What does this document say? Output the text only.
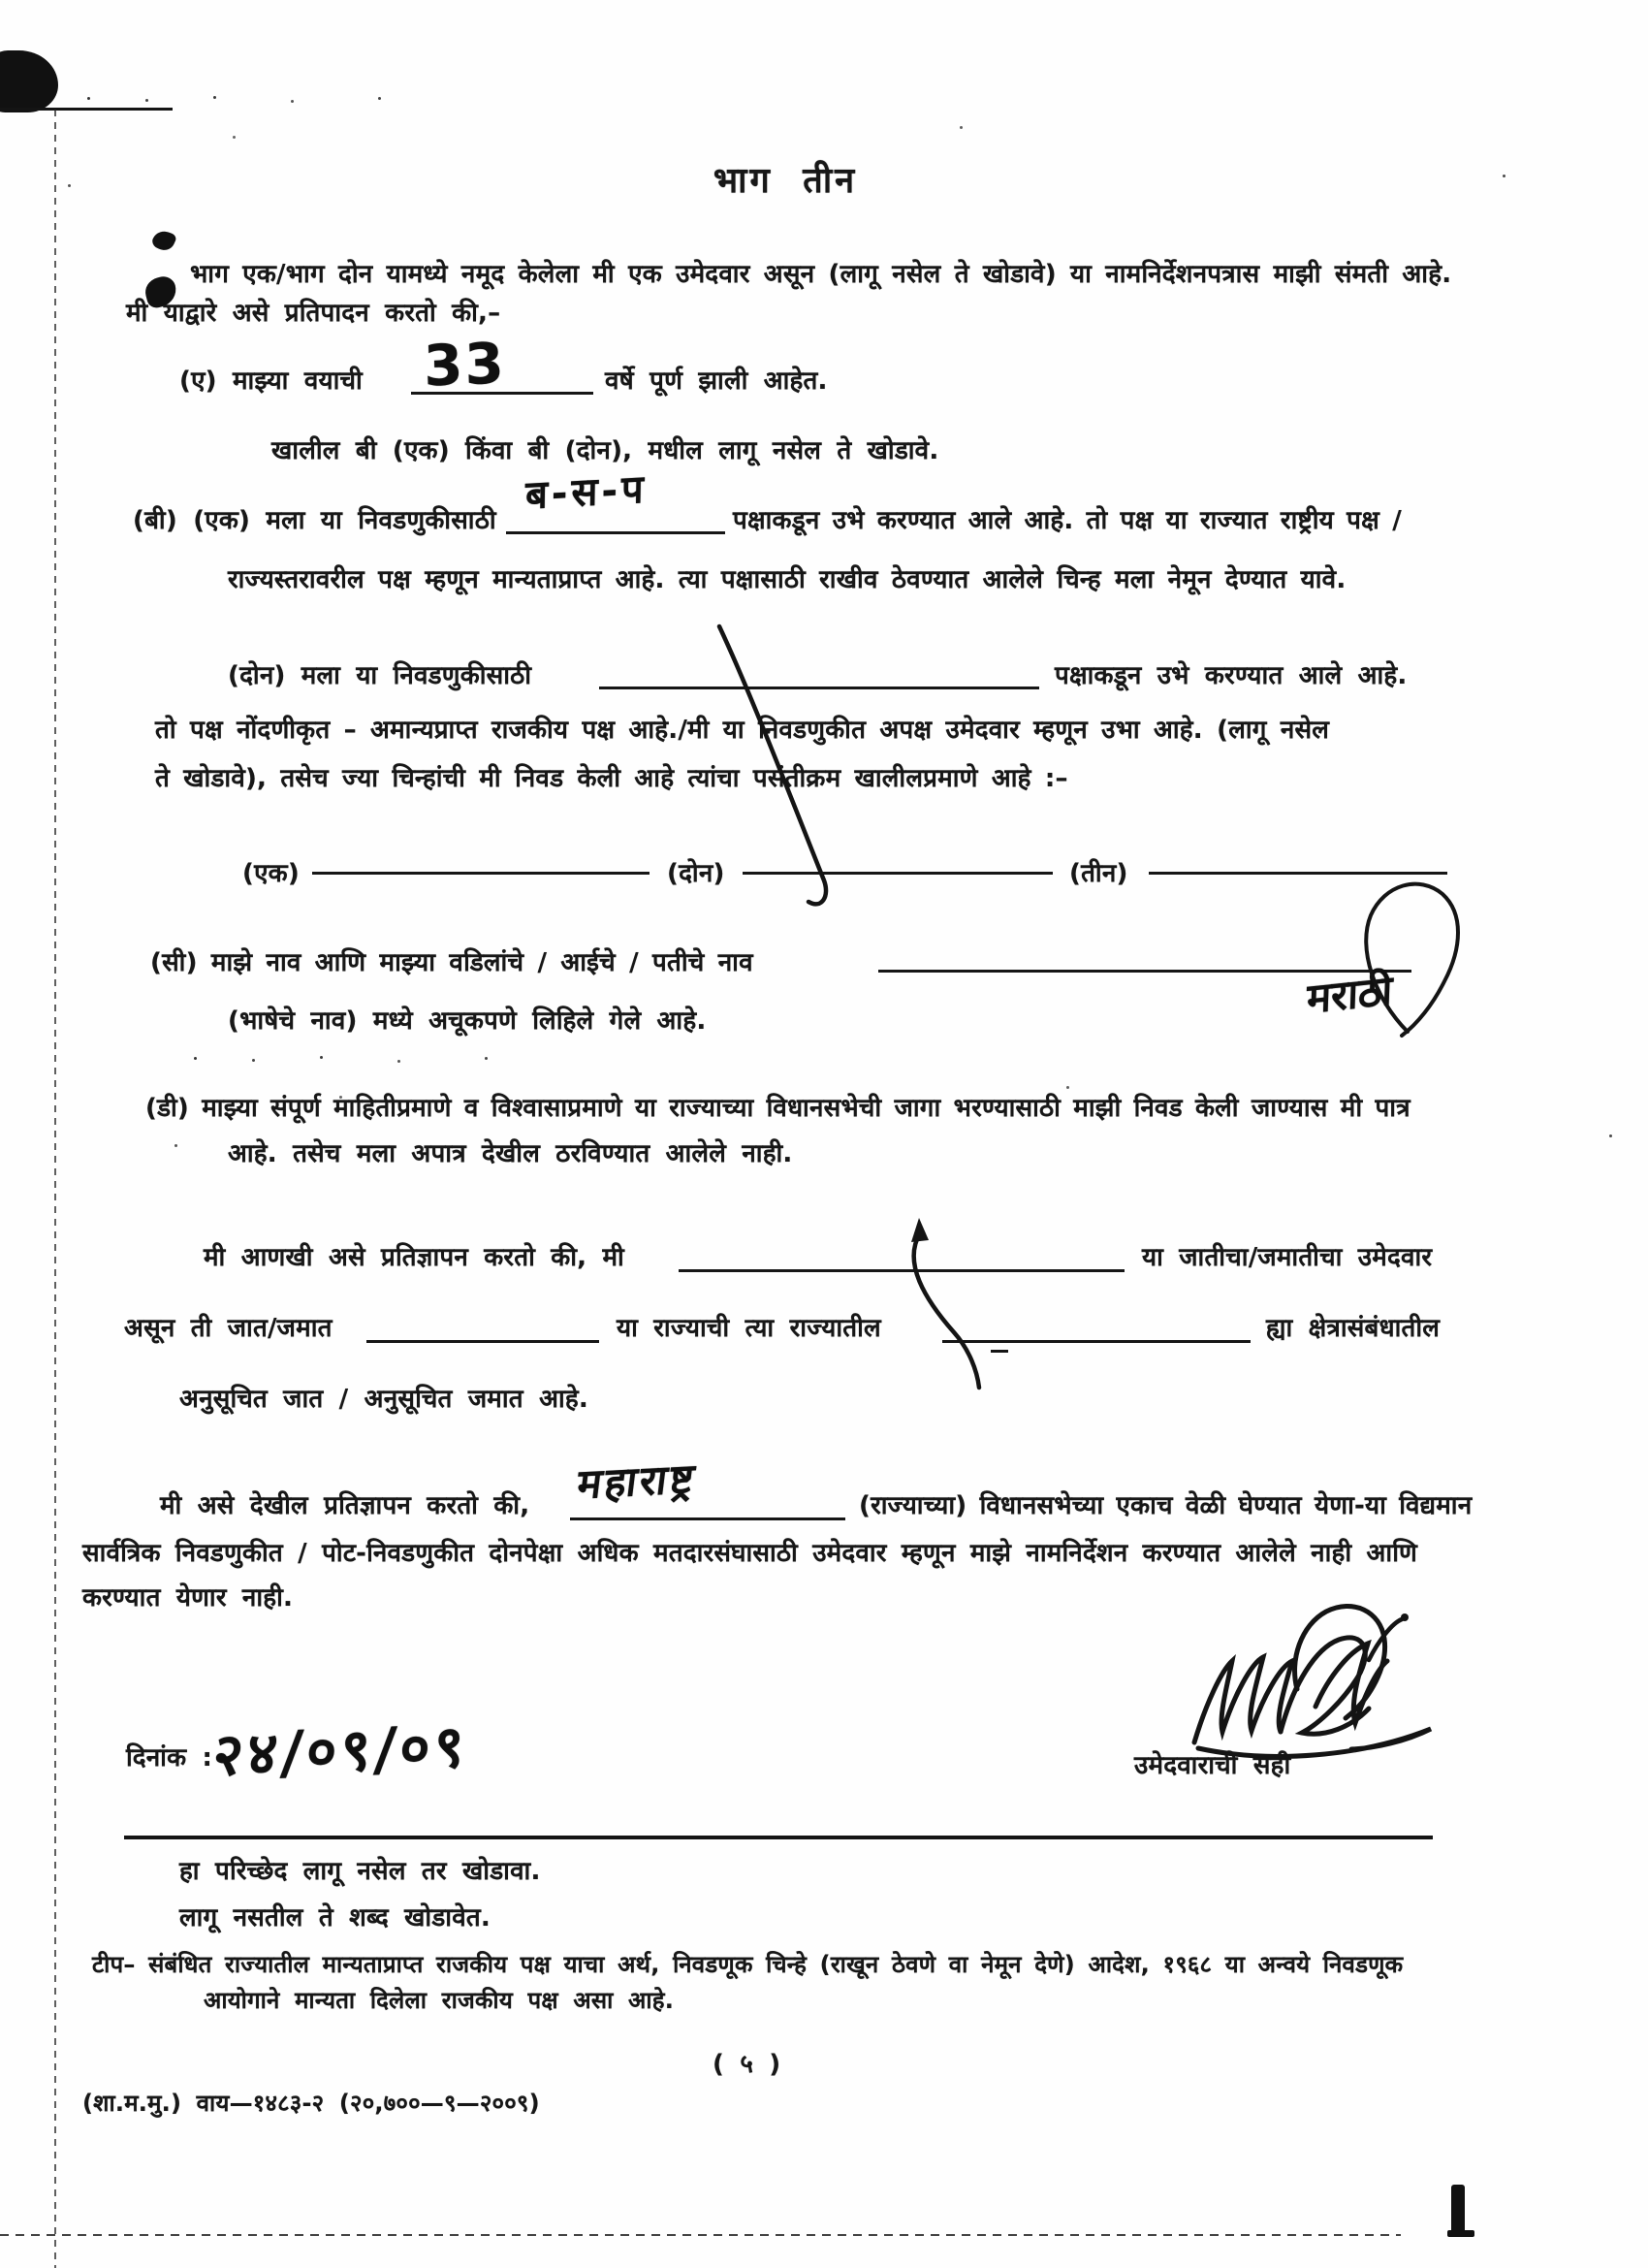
भाग तीन
भाग एक/भाग दोन यामध्ये नमूद केलेला मी एक उमेदवार असून (लागू नसेल ते खोडावे) या नामनिर्देशनपत्रास माझी संमती आहे.
मी याद्वारे असे प्रतिपादन करतो की,–
(ए) माझ्या वयाची 33	वर्षे पूर्ण झाली आहेत.
खालील बी (एक) किंवा बी (दोन), मधील लागू नसेल ते खोडावे.
ब-स-प
(बी) (एक) मला या निवडणुकीसाठी	पक्षाकडून उभे करण्यात आले आहे. तो पक्ष या राज्यात राष्ट्रीय पक्ष /
राज्यस्तरावरील पक्ष म्हणून मान्यताप्राप्त आहे. त्या पक्षासाठी राखीव ठेवण्यात आलेले चिन्ह मला नेमून देण्यात यावे.
(दोन) मला या निवडणुकीसाठी	पक्षाकडून उभे करण्यात आले आहे.
तो पक्ष नोंदणीकृत – अमान्यप्राप्त राजकीय पक्ष आहे./मी या निवडणुकीत अपक्ष उमेदवार म्हणून उभा आहे. (लागू नसेल
ते खोडावे), तसेच ज्या चिन्हांची मी निवड केली आहे त्यांचा पसंतीक्रम खालीलप्रमाणे आहे :–
(एक)	(दोन)	(तीन)
(सी) माझे नाव आणि माझ्या वडिलांचे / आईचे / पतीचे नाव
मराठी
(भाषेचे नाव) मध्ये अचूकपणे लिहिले गेले आहे.
(डी) माझ्या संपूर्ण माहितीप्रमाणे व विश्वासाप्रमाणे या राज्याच्या विधानसभेची जागा भरण्यासाठी माझी निवड केली जाण्यास मी पात्र
आहे. तसेच मला अपात्र देखील ठरविण्यात आलेले नाही.
मी आणखी असे प्रतिज्ञापन करतो की, मी	या जातीचा/जमातीचा उमेदवार
असून ती जात/जमात	या राज्याची त्या राज्यातील	ह्या क्षेत्रासंबंधातील
अनुसूचित जात / अनुसूचित जमात आहे.
महाराष्ट्र
मी असे देखील प्रतिज्ञापन करतो की,	(राज्याच्या) विधानसभेच्या एकाच वेळी घेण्यात येणा-या विद्यमान
सार्वत्रिक निवडणुकीत / पोट-निवडणुकीत दोनपेक्षा अधिक मतदारसंघासाठी उमेदवार म्हणून माझे नामनिर्देशन करण्यात आलेले नाही आणि
करण्यात येणार नाही.
दिनांक :
२४/०९/०९	उमेदवाराची सही
हा परिच्छेद लागू नसेल तर खोडावा.
लागू नसतील ते शब्द खोडावेत.
टीप– संबंधित राज्यातील मान्यताप्राप्त राजकीय पक्ष याचा अर्थ, निवडणूक चिन्हे (राखून ठेवणे वा नेमून देणे) आदेश, १९६८ या अन्वये निवडणूक
आयोगाने मान्यता दिलेला राजकीय पक्ष असा आहे.
( ५ )
(शा.म.मु.) वाय—१४८३-२ (२०,७००—९—२००९)
